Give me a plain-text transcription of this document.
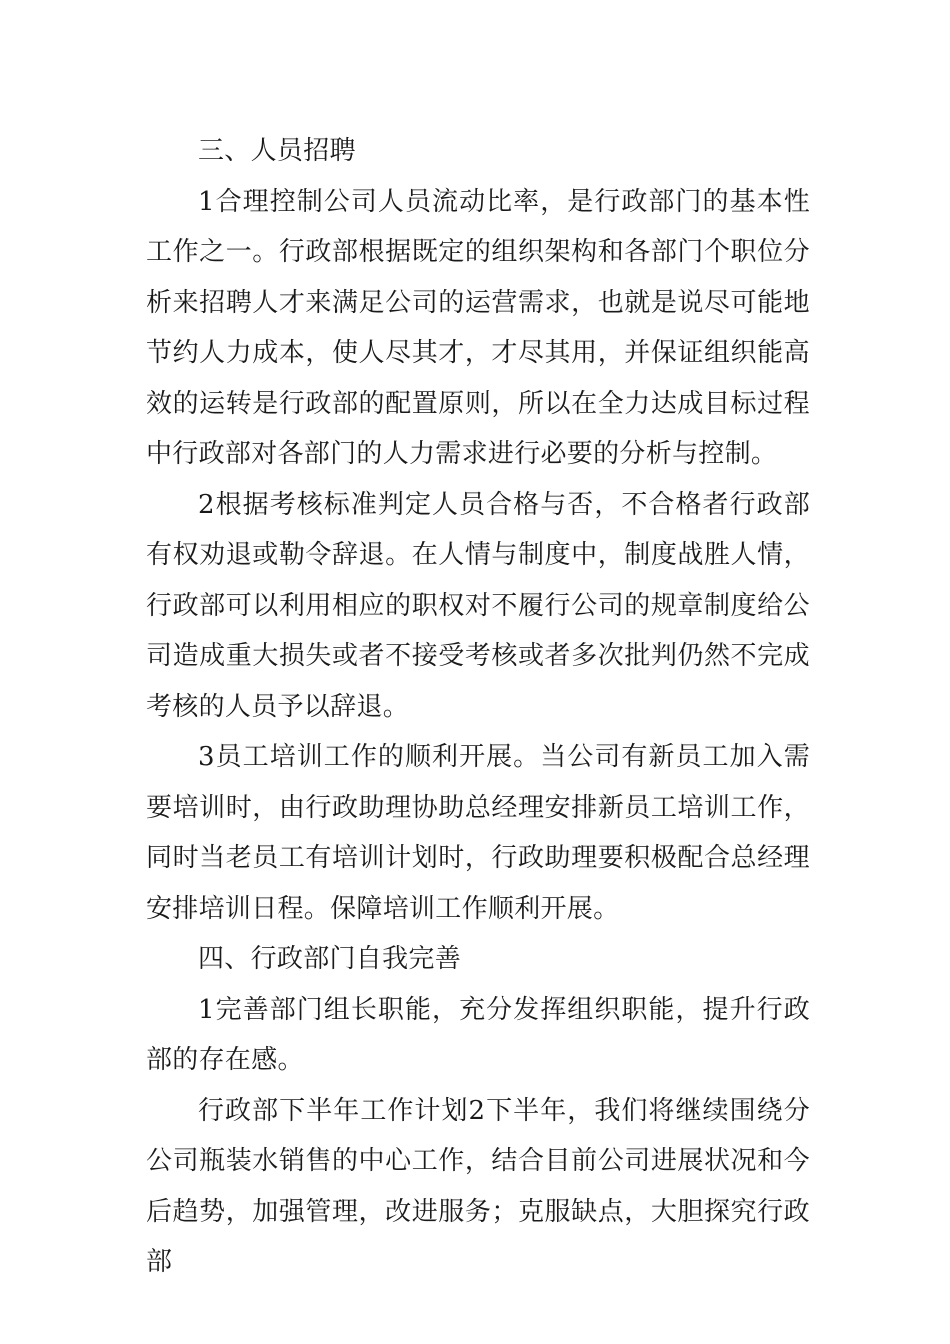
三、人员招聘

1合理控制公司人员流动比率，是行政部门的基本性工作之一。行政部根据既定的组织架构和各部门个职位分析来招聘人才来满足公司的运营需求，也就是说尽可能地节约人力成本，使人尽其才，才尽其用，并保证组织能高效的运转是行政部的配置原则，所以在全力达成目标过程中行政部对各部门的人力需求进行必要的分析与控制。

2根据考核标准判定人员合格与否，不合格者行政部有权劝退或勒令辞退。在人情与制度中，制度战胜人情，行政部可以利用相应的职权对不履行公司的规章制度给公司造成重大损失或者不接受考核或者多次批判仍然不完成考核的人员予以辞退。

3员工培训工作的顺利开展。当公司有新员工加入需要培训时，由行政助理协助总经理安排新员工培训工作，同时当老员工有培训计划时，行政助理要积极配合总经理安排培训日程。保障培训工作顺利开展。

四、行政部门自我完善

1完善部门组长职能，充分发挥组织职能，提升行政部的存在感。

行政部下半年工作计划2下半年，我们将继续围绕分公司瓶装水销售的中心工作，结合目前公司进展状况和今后趋势，加强管理，改进服务；克服缺点，大胆探究行政部
